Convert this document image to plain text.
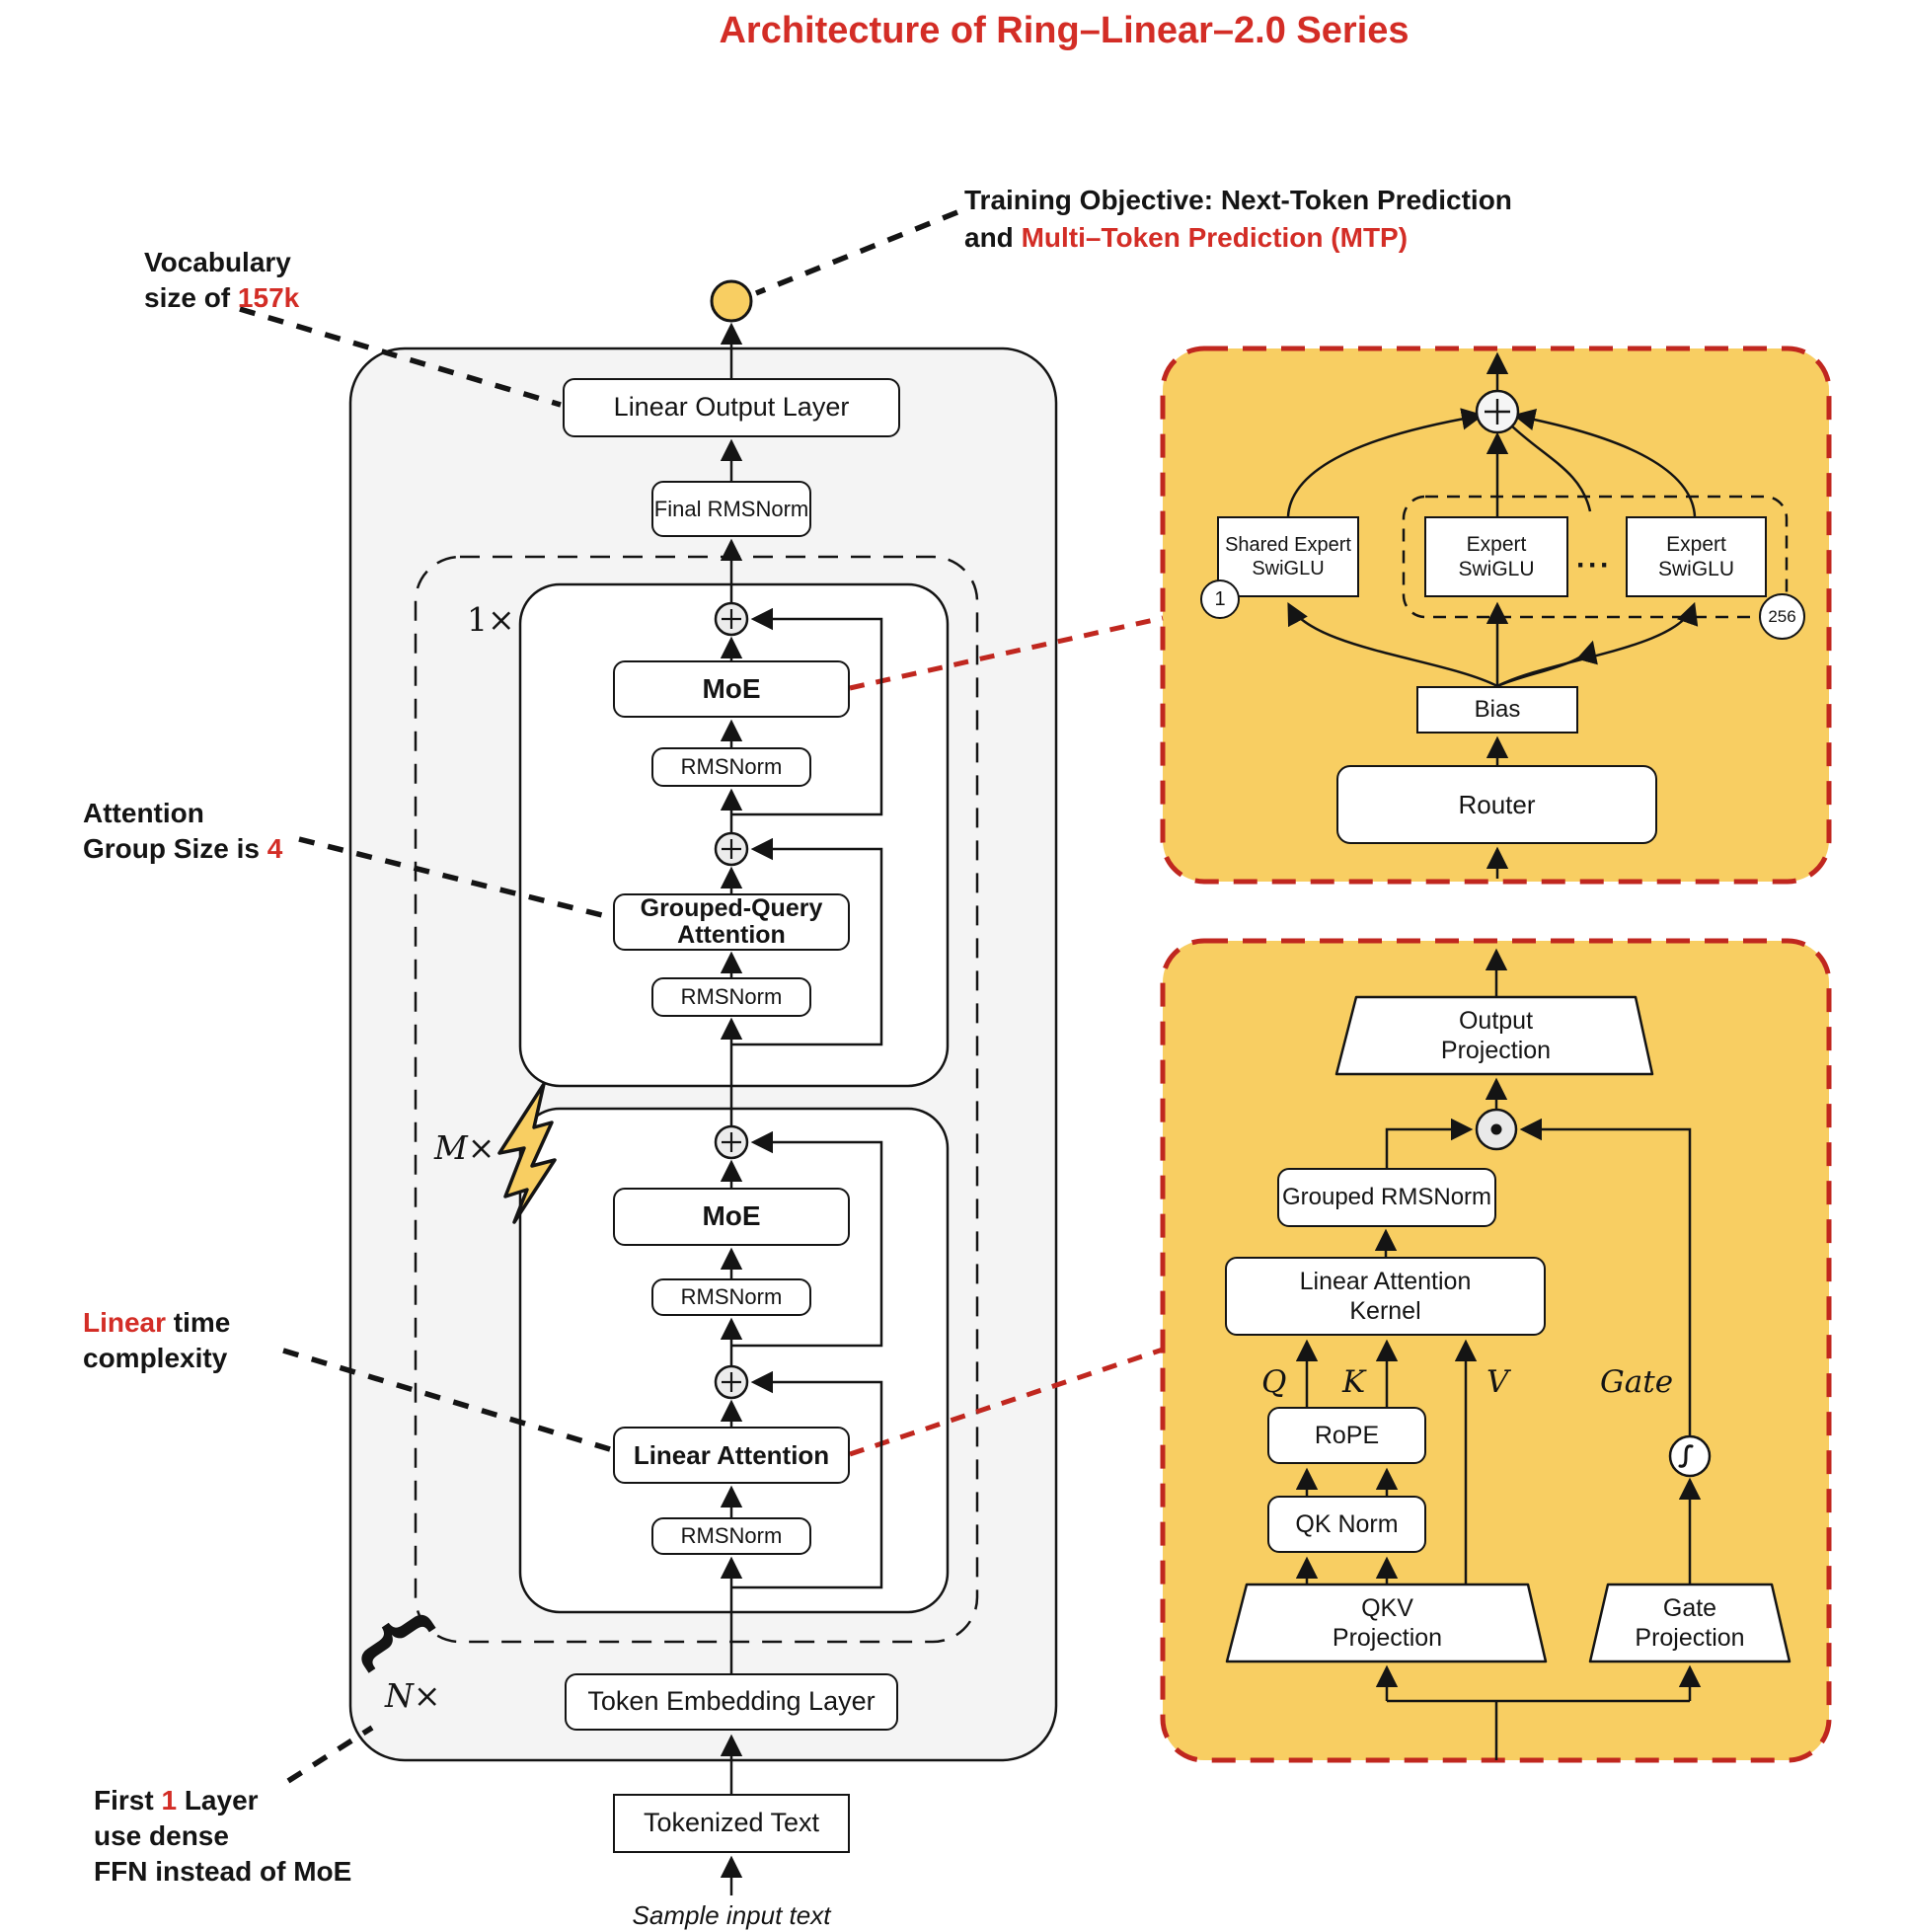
Architecture of Ring–Linear–2.0 Series
Training Objective: Next-Token Prediction
and Multi–Token Prediction (MTP)
Vocabulary
size of 157k
Attention
Group Size is 4
Linear time
complexity
First 1 Layer
use dense
FFN instead of MoE
1×
M×
N×
{
Linear Output Layer
Final RMSNorm
MoE
RMSNorm
Grouped-Query
Attention
RMSNorm
MoE
RMSNorm
Linear Attention
RMSNorm
Token Embedding Layer
Tokenized Text
Sample input text
Shared Expert
SwiGLU
Expert
SwiGLU
Expert
SwiGLU
···
1
256
Bias
Router
Output
Projection
Grouped RMSNorm
Linear Attention
Kernel
Q K	V	Gate
RoPE
QK Norm
QKV
Projection
Gate
Projection
